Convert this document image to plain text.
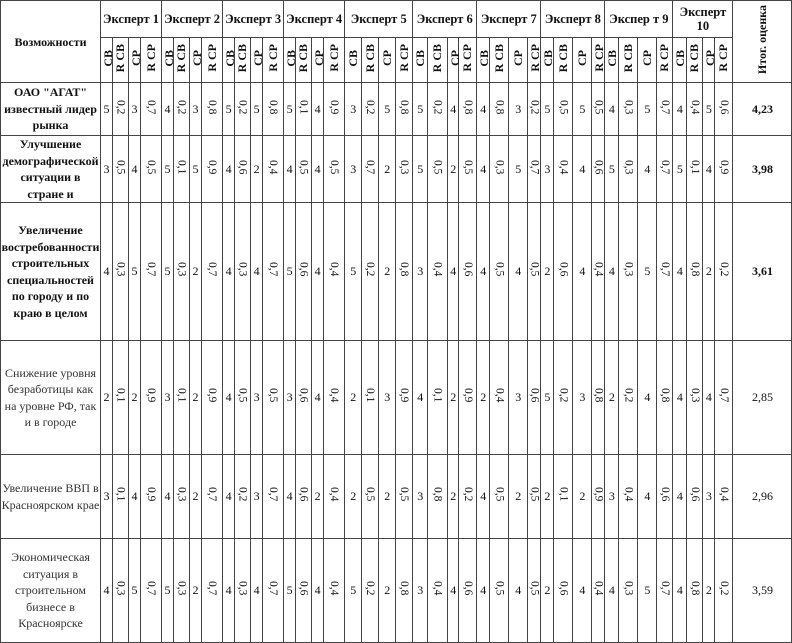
Возможности	Эксперт 1				Эксперт 2				Эксперт 3				Эксперт 4				Эксперт 5				Эксперт 6				Эксперт 7				Эксперт 8				Экспер т 9				Эксперт 10				Итог. оценка
	СВ	R СВ	СР	R СР	СВ	R СВ	СР	R СР	СВ	R СВ	СР	R СР	СВ	R СВ	СР	R СР	СВ	R СВ	СР	R СР	СВ	R СВ	СР	R СР	СВ	R СВ	СР	R СР	СВ	R СВ	СР	R СР	СВ	R СВ	СР	R СР	СВ	R СВ	СР	R СР	
ОАО "АГАТ" известный лидер рынка	5	0,2	3	0,7	4	0,2	3	0,8	5	0,2	5	0,8	5	0,1	4	0,9	3	0,2	5	0,8	5	0,2	4	0,8	4	0,8	3	0,2	5	0,5	5	0,5	4	0,3	5	0,7	4	0,4	5	0,6	4,23
Улучшение демографической ситуации в стране и	3	0,5	4	0,5	5	0,1	5	0,9	4	0,6	2	0,4	4	0,5	4	0,5	3	0,7	2	0,3	5	0,5	2	0,5	4	0,3	5	0,7	3	0,4	4	0,6	5	0,3	4	0,7	5	0,1	4	0,9	3,98
Увеличение востребованности строительных специальностей по городу и по краю в целом	4	0,3	5	0,7	5	0,3	2	0,7	4	0,3	4	0,7	5	0,6	4	0,4	5	0,2	2	0,8	3	0,4	4	0,6	4	0,5	4	0,5	2	0,6	4	0,4	4	0,3	5	0,7	4	0,8	2	0,2	3,61
Снижение уровня безработицы как на уровне РФ, так и в городе	2	0,1	2	0,9	3	0,1	2	0,9	4	0,5	3	0,5	3	0,6	4	0,4	2	0,1	3	0,9	4	0,1	2	0,9	2	0,4	3	0,6	5	0,2	3	0,8	2	0,2	4	0,8	4	0,3	4	0,7	2,85
Увеличение ВВП в Красноярском крае	3	0,1	4	0,9	4	0,3	2	0,7	4	0,2	3	0,7	4	0,6	2	0,4	2	0,5	2	0,5	3	0,8	2	0,2	4	0,5	2	0,5	2	0,1	2	0,9	3	0,4	4	0,6	4	0,6	3	0,4	2,96
Экономическая ситуация в строительном бизнесе в Красноярске	4	0,3	5	0,7	5	0,3	2	0,7	4	0,3	4	0,7	5	0,6	4	0,4	5	0,2	2	0,8	3	0,4	4	0,6	4	0,5	4	0,5	2	0,6	4	0,4	4	0,3	5	0,7	4	0,8	2	0,2	3,59
